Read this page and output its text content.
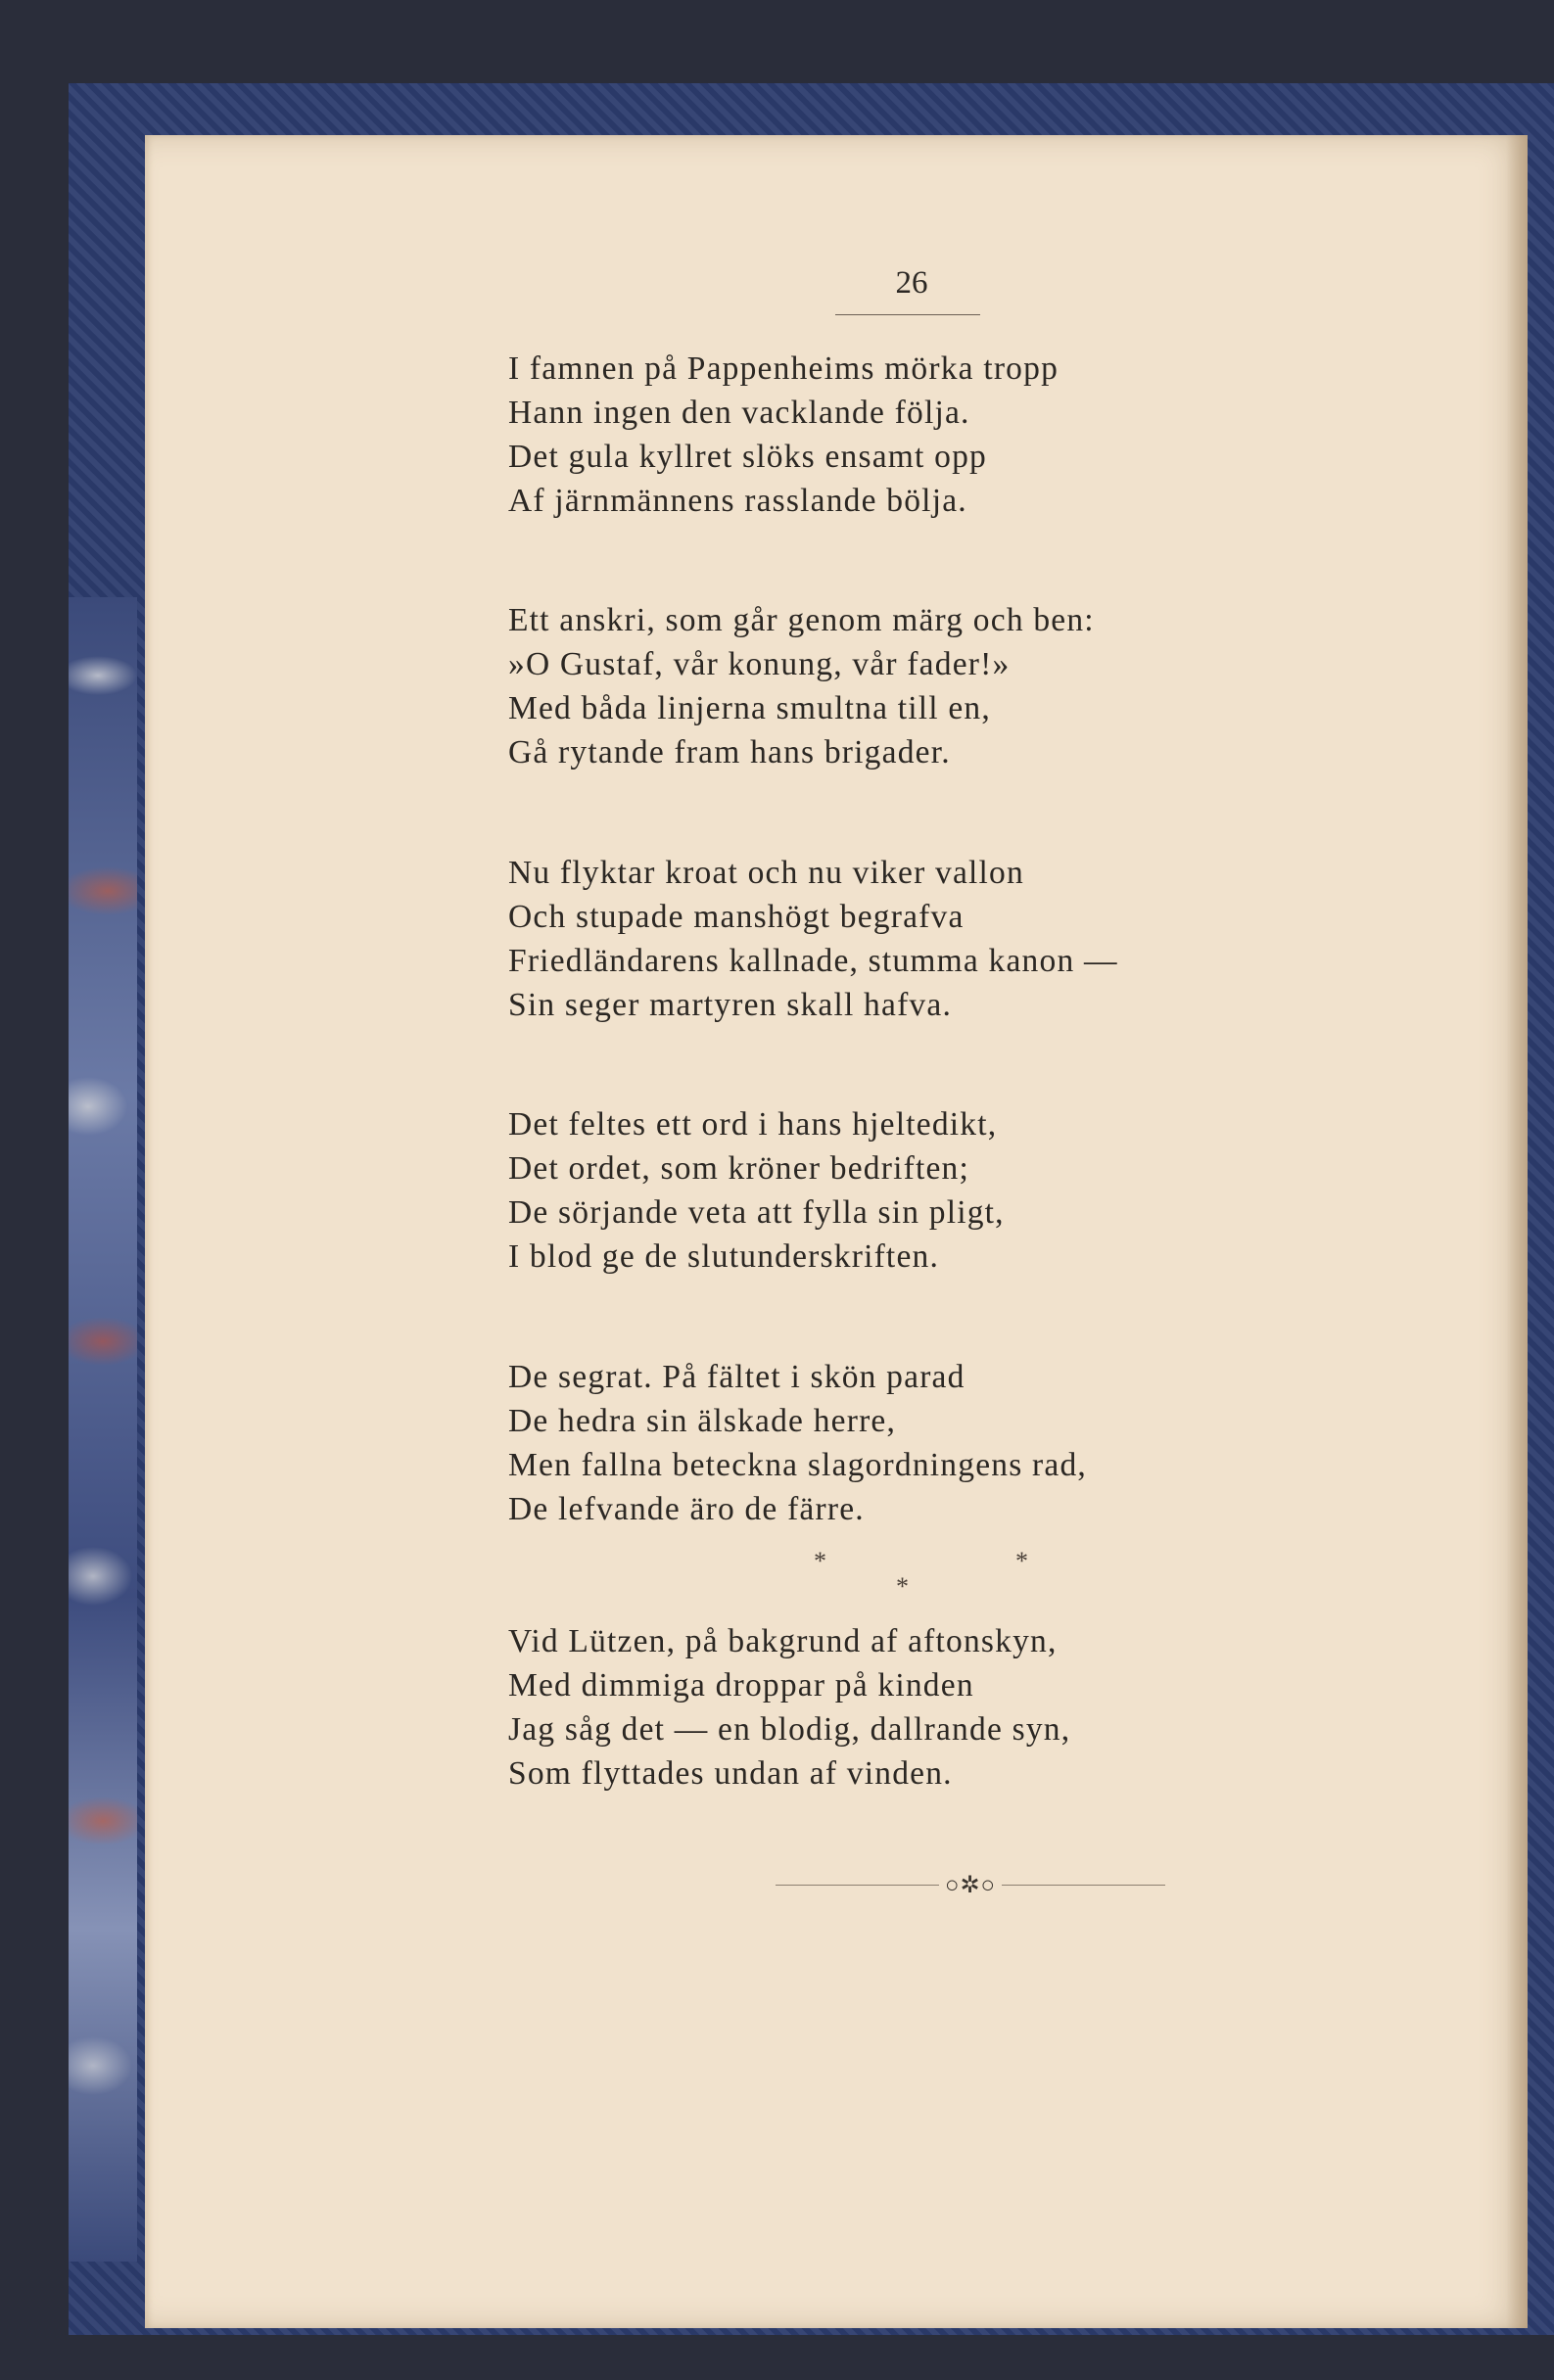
26
I famnen på Pappenheims mörka tropp
Hann ingen den vacklande följa.
Det gula kyllret slöks ensamt opp
Af järnmännens rasslande bölja.
Ett anskri, som går genom märg och ben:
»O Gustaf, vår konung, vår fader!»
Med båda linjerna smultna till en,
Gå rytande fram hans brigader.
Nu flyktar kroat och nu viker vallon
Och stupade manshögt begrafva
Friedländarens kallnade, stumma kanon —
Sin seger martyren skall hafva.
Det feltes ett ord i hans hjeltedikt,
Det ordet, som kröner bedriften;
De sörjande veta att fylla sin pligt,
I blod ge de slutunderskriften.
De segrat. På fältet i skön parad
De hedra sin älskade herre,
Men fallna beteckna slagordningens rad,
De lefvande äro de färre.
*	*
*
Vid Lützen, på bakgrund af aftonskyn,
Med dimmiga droppar på kinden
Jag såg det — en blodig, dallrande syn,
Som flyttades undan af vinden.
○✲○
